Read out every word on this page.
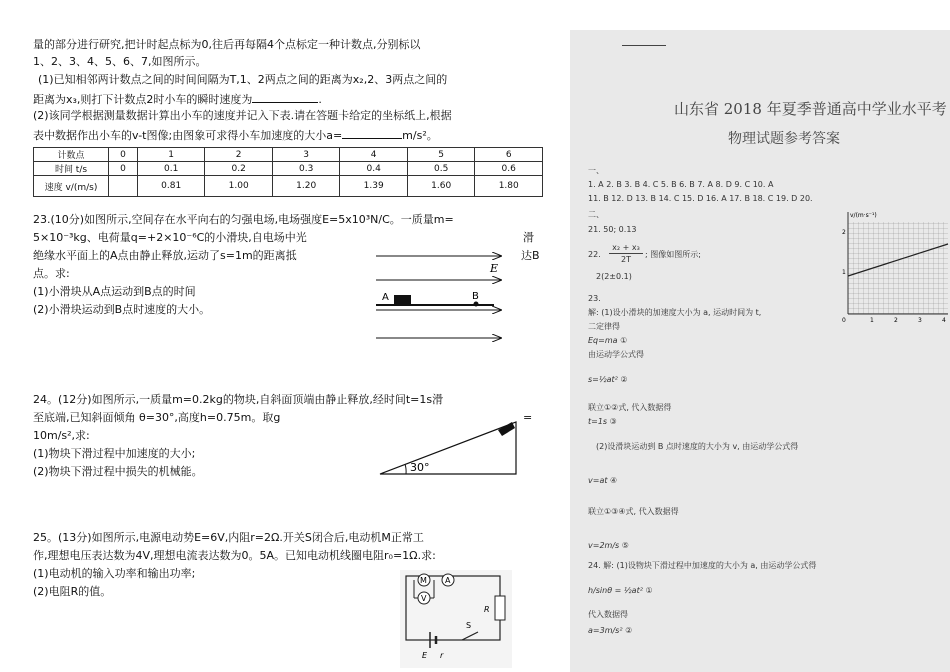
量的部分进行研究,把计时起点标为0,往后再每隔4个点标定一种计数点,分别标以
1、2、3、4、5、6、7,如图所示。
(1)已知相邻两计数点之间的时间间隔为T,1、2两点之间的距离为x₂,2、3两点之间的
距离为x₃,则打下计数点2时小车的瞬时速度为	.
(2)该同学根据测量数据计算出小车的速度并记入下表.请在答题卡给定的坐标纸上,根据
表中数据作出小车的v-t图像;由图象可求得小车加速度的大小a=	m/s²。
计数点	0	1	2	3	4	5	6
时间 t/s	0	0.1	0.2	0.3	0.4	0.5	0.6
速度 v/(m/s)		0.81	1.00	1.20	1.39	1.60	1.80
23.(10分)如图所示,空间存在水平向右的匀强电场,电场强度E=5x10³N/C。一质量m=
5×10⁻³kg、电荷量q=+2×10⁻⁶C的小滑块,自电场中光	滑
绝缘水平面上的A点由静止释放,运动了s=1m的距离抵	达B
点。求:
(1)小滑块从A点运动到B点的时间
(2)小滑块运动到B点时速度的大小。
E
A	B
24。(12分)如图所示,一质量m=0.2kg的物块,自斜面顶端由静止释放,经时间t=1s滑
至底端,已知斜面倾角 θ=30°,高度h=0.75m。取g	=
10m/s²,求:
(1)物块下滑过程中加速度的大小;
(2)物块下滑过程中损失的机械能。	30°
25。(13分)如图所示,电源电动势E=6V,内阻r=2Ω.开关S闭合后,电动机M正常工
作,理想电压表达数为4V,理想电流表达数为0。5A。已知电动机线圈电阻r₀=1Ω.求:
(1)电动机的输入功率和输出功率;
(2)电阻R的值。
M A
V
R
S
E r
山东省 2018 年夏季普通高中学业水平考
物理试题参考答案
一、
1. A 2. B 3. B 4. C 5. B 6. B 7. A 8. D 9. C 10. A
11. B 12. D 13. B 14. C 15. D 16. A 17. B 18. C 19. D 20.
二、
21. 50; 0.13
22.
x₂ + x₃
2T
; 图像如图所示;
2(2±0.1)
23.
解: (1)设小滑块的加速度大小为 a, 运动时间为 t,
二定律得
Eq=ma ①
由运动学公式得
s=½at² ②
联立①②式, 代入数据得
t=1s ③
(2)设滑块运动到 B 点时速度的大小为 v, 由运动学公式得
v=at ④
联立①③④式, 代入数据得
v=2m/s ⑤
24. 解: (1)设物块下滑过程中加速度的大小为 a, 由运动学公式得
h/sinθ = ½at² ①
代入数据得
a=3m/s² ②
v/(m·s⁻¹)
2
1
0	1	2	3	4
